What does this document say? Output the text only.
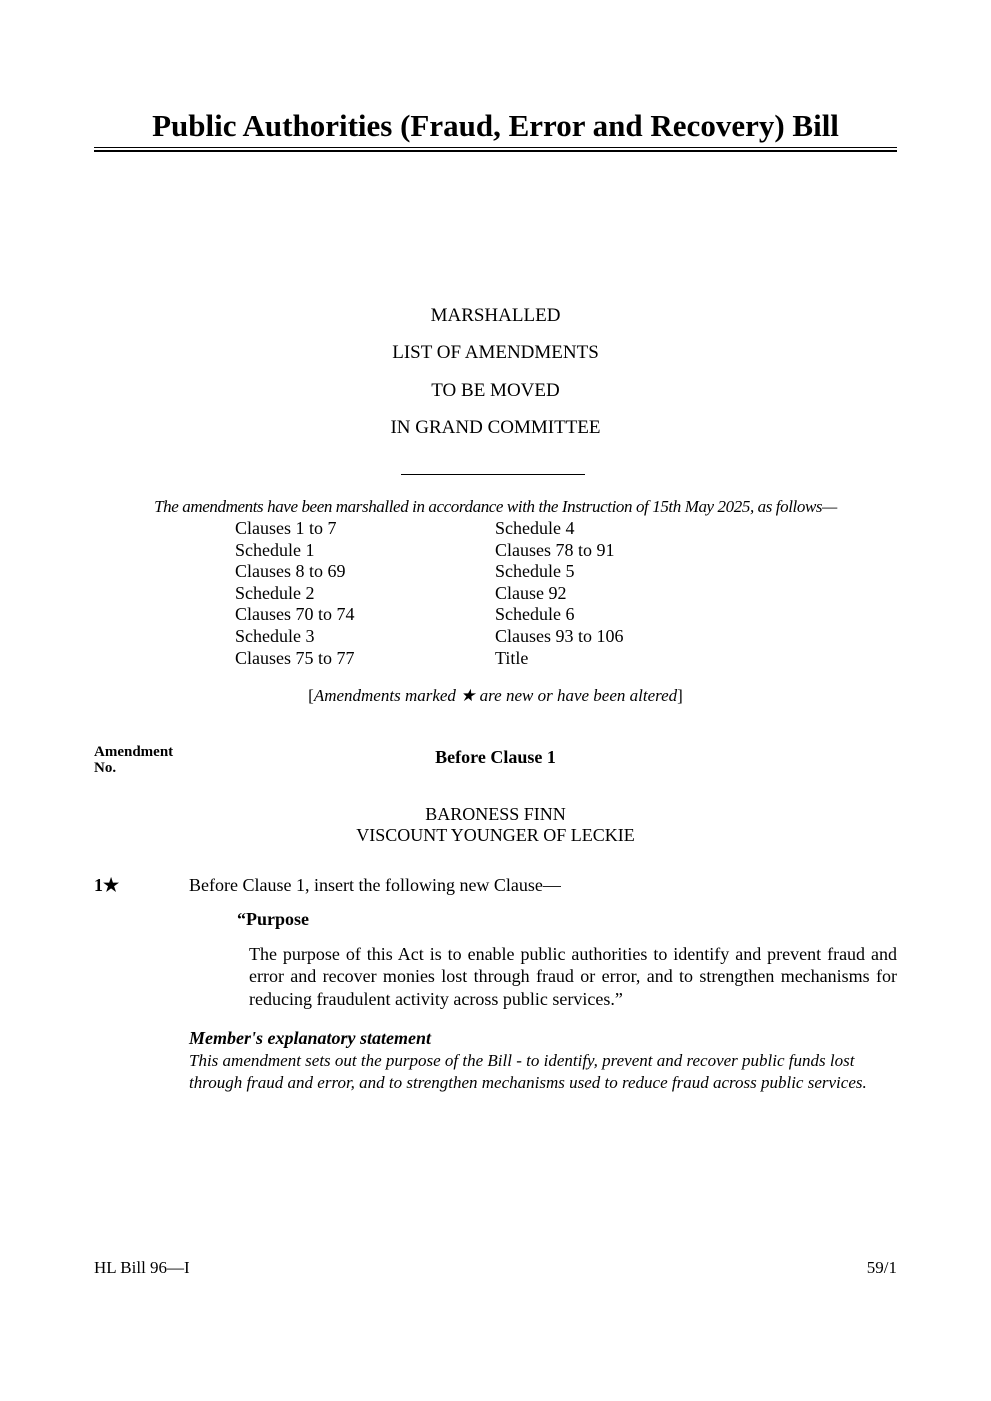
Public Authorities (Fraud, Error and Recovery) Bill
MARSHALLED
LIST OF AMENDMENTS
TO BE MOVED
IN GRAND COMMITTEE
The amendments have been marshalled in accordance with the Instruction of 15th May 2025, as follows—
Clauses 1 to 7
Schedule 1
Clauses 8 to 69
Schedule 2
Clauses 70 to 74
Schedule 3
Clauses 75 to 77
Schedule 4
Clauses 78 to 91
Schedule 5
Clause 92
Schedule 6
Clauses 93 to 106
Title
[Amendments marked ★ are new or have been altered]
Amendment
No.
Before Clause 1
BARONESS FINN
VISCOUNT YOUNGER OF LECKIE
1★	Before Clause 1, insert the following new Clause—
“Purpose
The purpose of this Act is to enable public authorities to identify and prevent fraud and error and recover monies lost through fraud or error, and to strengthen mechanisms for reducing fraudulent activity across public services.”
Member's explanatory statement
This amendment sets out the purpose of the Bill - to identify, prevent and recover public funds lost through fraud and error, and to strengthen mechanisms used to reduce fraud across public services.
HL Bill 96—I	59/1
